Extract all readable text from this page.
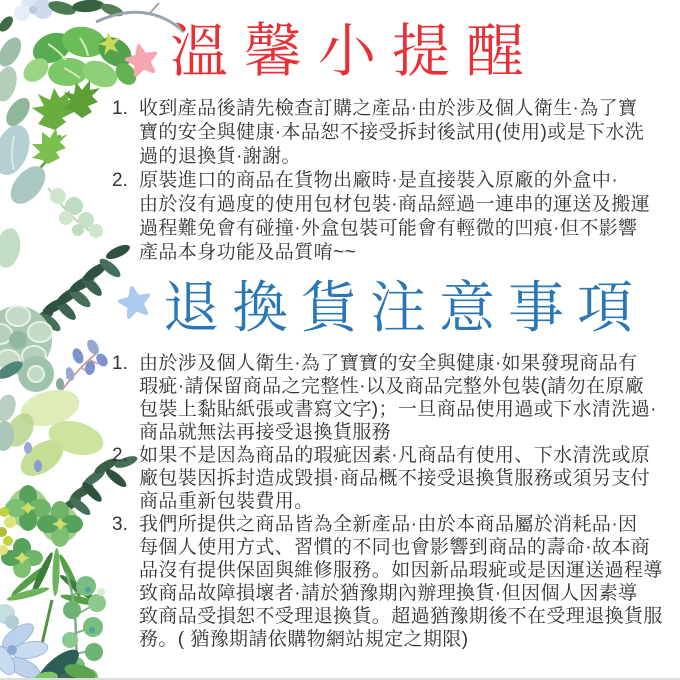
溫馨小提醒
1. 收到產品後請先檢查訂購之產品·由於涉及個人衛生·為了寶
寶的安全與健康·本品恕不接受拆封後試用(使用)或是下水洗
過的退換貨·謝謝。
2. 原裝進口的商品在貨物出廠時·是直接裝入原廠的外盒中·
由於沒有過度的使用包材包裝·商品經過一連串的運送及搬運
過程難免會有碰撞·外盒包裝可能會有輕微的凹痕·但不影響
產品本身功能及品質唷~~
退換貨注意事項
1. 由於涉及個人衛生·為了寶寶的安全與健康·如果發現商品有
瑕疵·請保留商品之完整性·以及商品完整外包裝(請勿在原廠
包裝上黏貼紙張或書寫文字)；一旦商品使用過或下水清洗過·
商品就無法再接受退換貨服務
2. 如果不是因為商品的瑕疵因素·凡商品有使用、下水清洗或原
廠包裝因拆封造成毀損·商品概不接受退換貨服務或須另支付
商品重新包裝費用。
3. 我們所提供之商品皆為全新產品·由於本商品屬於消耗品·因
每個人使用方式、習慣的不同也會影響到商品的壽命·故本商
品沒有提供保固與維修服務。如因新品瑕疵或是因運送過程導
致商品故障損壞者·請於猶豫期內辦理換貨·但因個人因素導
致商品受損恕不受理退換貨。超過猶豫期後不在受理退換貨服
務。( 猶豫期請依購物網站規定之期限)
